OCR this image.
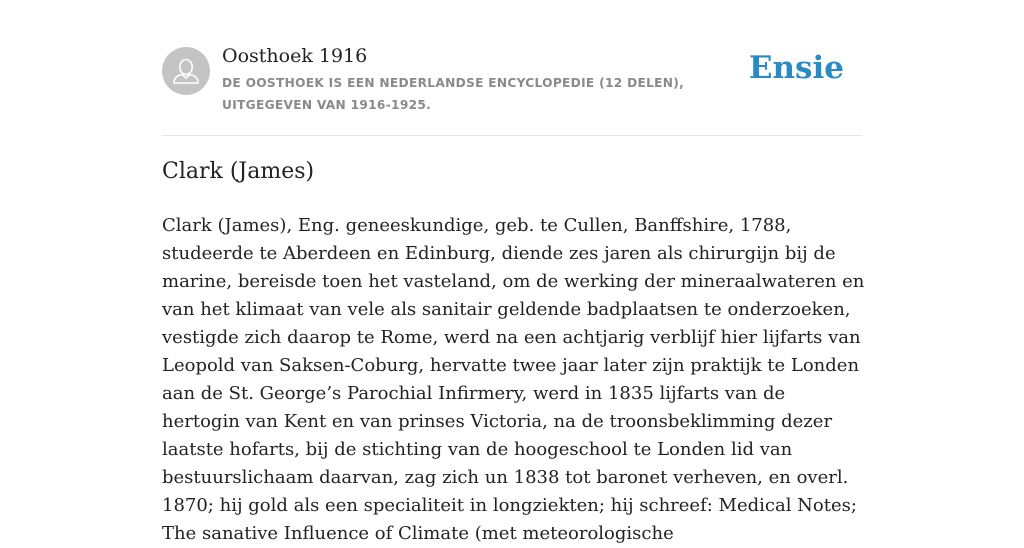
Oosthoek 1916
DE OOSTHOEK IS EEN NEDERLANDSE ENCYCLOPEDIE (12 DELEN), UITGEGEVEN VAN 1916-1925.
Ensie
Clark (James)

Clark (James), Eng. geneeskundige, geb. te Cullen, Banffshire, 1788, studeerde te Aberdeen en Edinburg, diende zes jaren als chirurgijn bij de marine, bereisde toen het vasteland, om de werking der mineraalwateren en van het klimaat van vele als sanitair geldende badplaatsen te onderzoeken, vestigde zich daarop te Rome, werd na een achtjarig verblijf hier lijfarts van Leopold van Saksen-Coburg, hervatte twee jaar later zijn praktijk te Londen aan de St. George’s Parochial Infirmery, werd in 1835 lijfarts van de hertogin van Kent en van prinses Victoria, na de troonsbeklimming dezer laatste hofarts, bij de stichting van de hoogeschool te Londen lid van bestuurslichaam daarvan, zag zich un 1838 tot baronet verheven, en overl. 1870; hij gold als een specialiteit in longziekten; hij schreef: Medical Notes; The sanative Influence of Climate (met meteorologische
